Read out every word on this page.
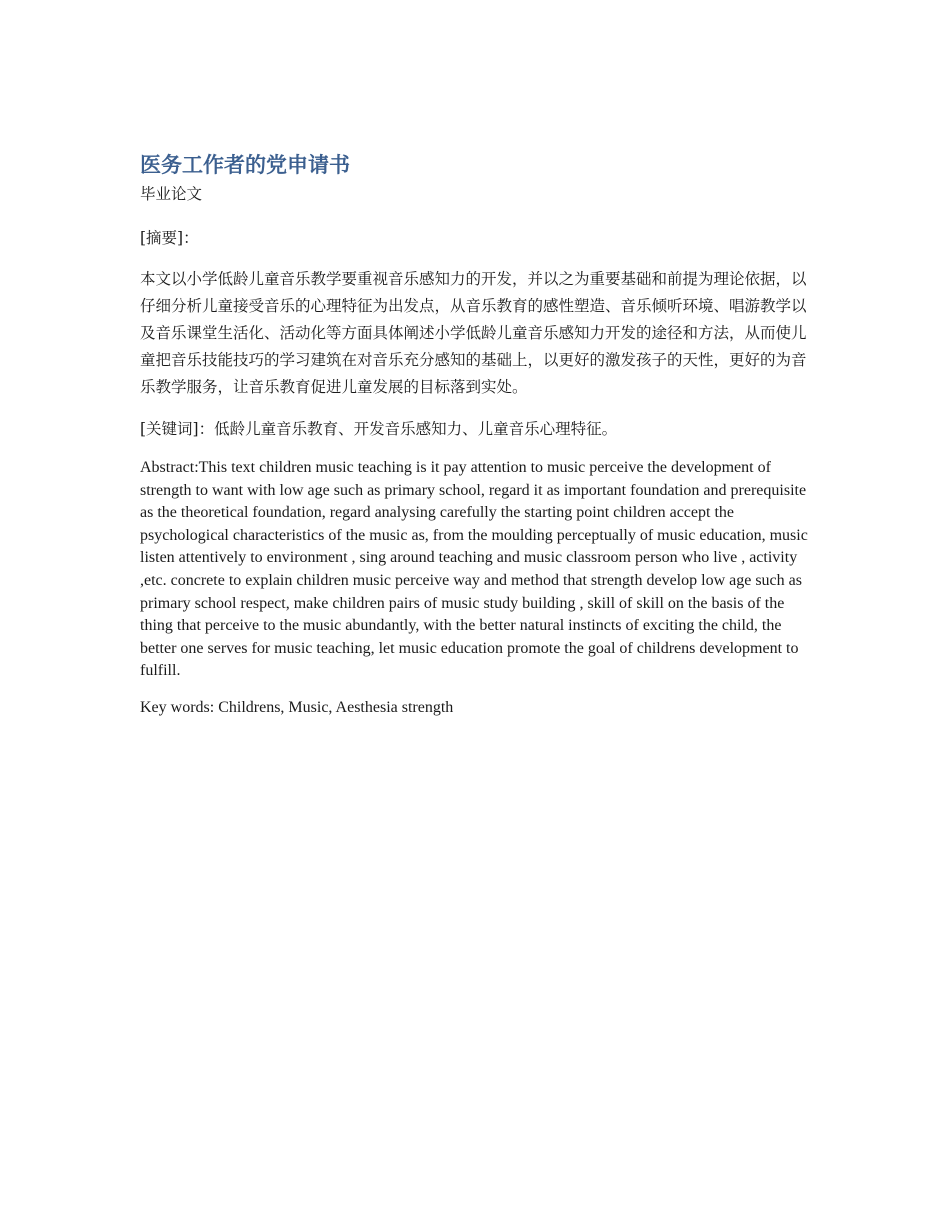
医务工作者的党申请书

毕业论文

[摘要]：

本文以小学低龄儿童音乐教学要重视音乐感知力的开发，并以之为重要基础和前提为理论依据，以仔细分析儿童接受音乐的心理特征为出发点，从音乐教育的感性塑造、音乐倾听环境、唱游教学以及音乐课堂生活化、活动化等方面具体阐述小学低龄儿童音乐感知力开发的途径和方法，从而使儿童把音乐技能技巧的学习建筑在对音乐充分感知的基础上，以更好的激发孩子的天性，更好的为音乐教学服务，让音乐教育促进儿童发展的目标落到实处。

[关键词]：低龄儿童音乐教育、开发音乐感知力、儿童音乐心理特征。

Abstract:This text children music teaching is it pay attention to music perceive the development of strength to want with low age such as primary school, regard it as important foundation and prerequisite as the theoretical foundation, regard analysing carefully the starting point children accept the psychological characteristics of the music as, from the moulding perceptually of music education, music listen attentively to environment , sing around teaching and music classroom person who live , activity ,etc. concrete to explain children music perceive way and method that strength develop low age such as primary school respect, make children pairs of music study building , skill of skill on the basis of the thing that perceive to the music abundantly, with the better natural instincts of exciting the child, the better one serves for music teaching, let music education promote the goal of childrens development to fulfill.

Key words: Childrens, Music, Aesthesia strength
